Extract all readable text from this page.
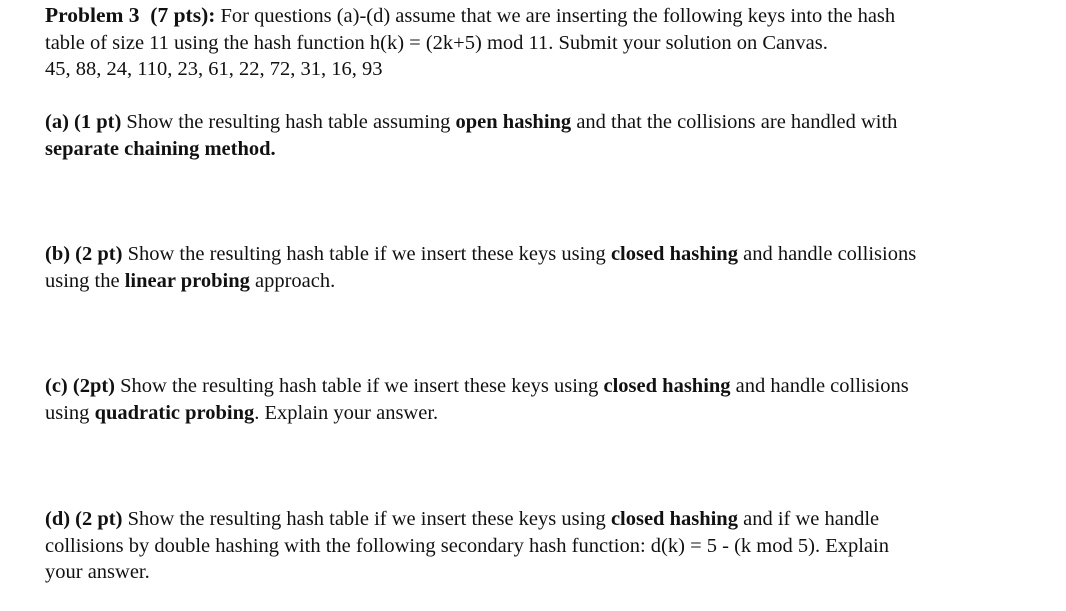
Problem 3 (7 pts): For questions (a)-(d) assume that we are inserting the following keys into the hash

table of size 11 using the hash function h(k) = (2k+5) mod 11. Submit your solution on Canvas.

45, 88, 24, 110, 23, 61, 22, 72, 31, 16, 93

(a) (1 pt) Show the resulting hash table assuming open hashing and that the collisions are handled with

separate chaining method.

(b) (2 pt) Show the resulting hash table if we insert these keys using closed hashing and handle collisions

using the linear probing approach.

(c) (2pt) Show the resulting hash table if we insert these keys using closed hashing and handle collisions

using quadratic probing. Explain your answer.

(d) (2 pt) Show the resulting hash table if we insert these keys using closed hashing and if we handle

collisions by double hashing with the following secondary hash function: d(k) = 5 - (k mod 5). Explain

your answer.
